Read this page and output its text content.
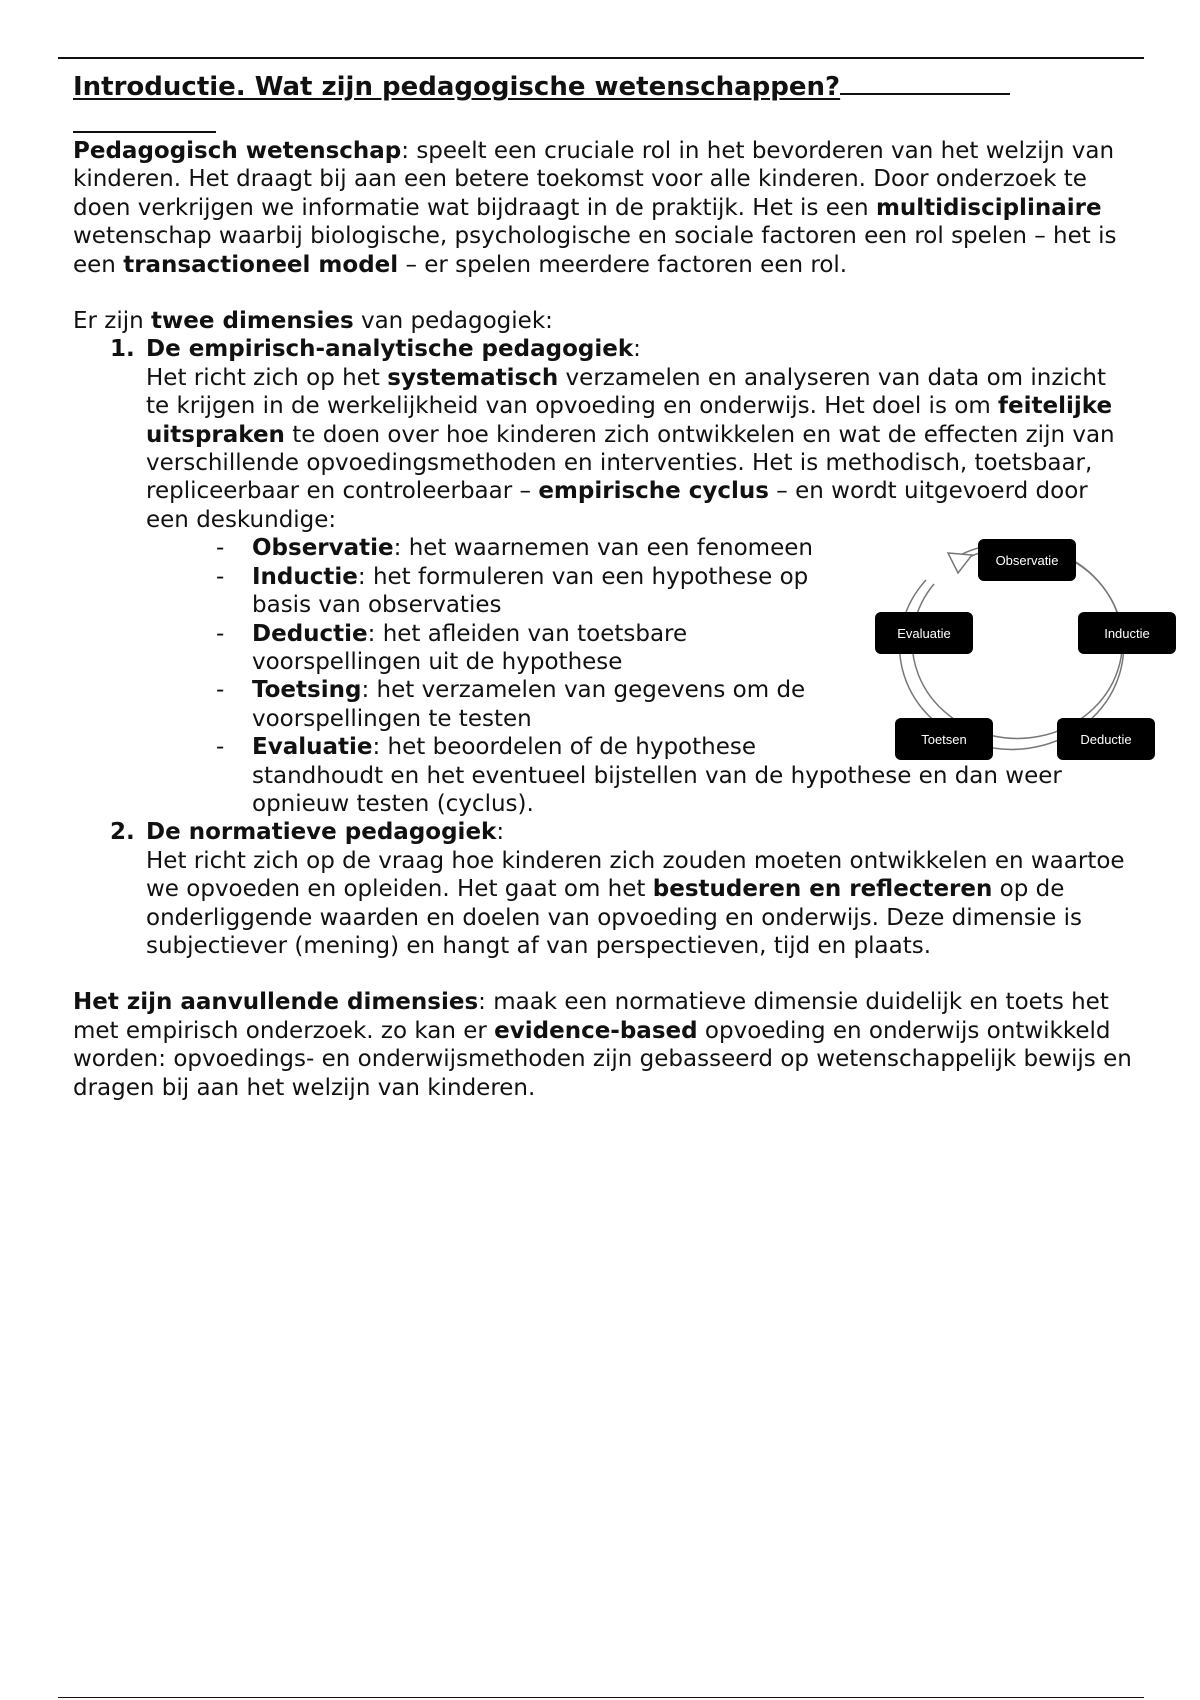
Introductie. Wat zijn pedagogische wetenschappen?

Pedagogisch wetenschap: speelt een cruciale rol in het bevorderen van het welzijn van kinderen. Het draagt bij aan een betere toekomst voor alle kinderen. Door onderzoek te doen verkrijgen we informatie wat bijdraagt in de praktijk. Het is een multidisciplinaire wetenschap waarbij biologische, psychologische en sociale factoren een rol spelen – het is een transactioneel model – er spelen meerdere factoren een rol.

Er zijn twee dimensies van pedagogiek:

1. De empirisch-analytische pedagogiek:

Het richt zich op het systematisch verzamelen en analyseren van data om inzicht te krijgen in de werkelijkheid van opvoeding en onderwijs. Het doel is om feitelijke uitspraken te doen over hoe kinderen zich ontwikkelen en wat de effecten zijn van verschillende opvoedingsmethoden en interventies. Het is methodisch, toetsbaar, repliceerbaar en controleerbaar – empirische cyclus – en wordt uitgevoerd door een deskundige:

- Observatie: het waarnemen van een fenomeen
- Inductie: het formuleren van een hypothese op
basis van observaties
- Deductie: het afleiden van toetsbare
voorspellingen uit de hypothese
- Toetsing: het verzamelen van gegevens om de
voorspellingen te testen
- Evaluatie: het beoordelen of de hypothese
standhoudt en het eventueel bijstellen van de hypothese en dan weer opnieuw testen (cyclus).
2. De normatieve pedagogiek:

Het richt zich op de vraag hoe kinderen zich zouden moeten ontwikkelen en waartoe we opvoeden en opleiden. Het gaat om het bestuderen en reflecteren op de onderliggende waarden en doelen van opvoeding en onderwijs. Deze dimensie is subjectiever (mening) en hangt af van perspectieven, tijd en plaats.

Het zijn aanvullende dimensies: maak een normatieve dimensie duidelijk en toets het met empirisch onderzoek. zo kan er evidence-based opvoeding en onderwijs ontwikkeld worden: opvoedings- en onderwijsmethoden zijn gebasseerd op wetenschappelijk bewijs en dragen bij aan het welzijn van kinderen.

Observatie
Inductie
Deductie
Toetsen
Evaluatie
